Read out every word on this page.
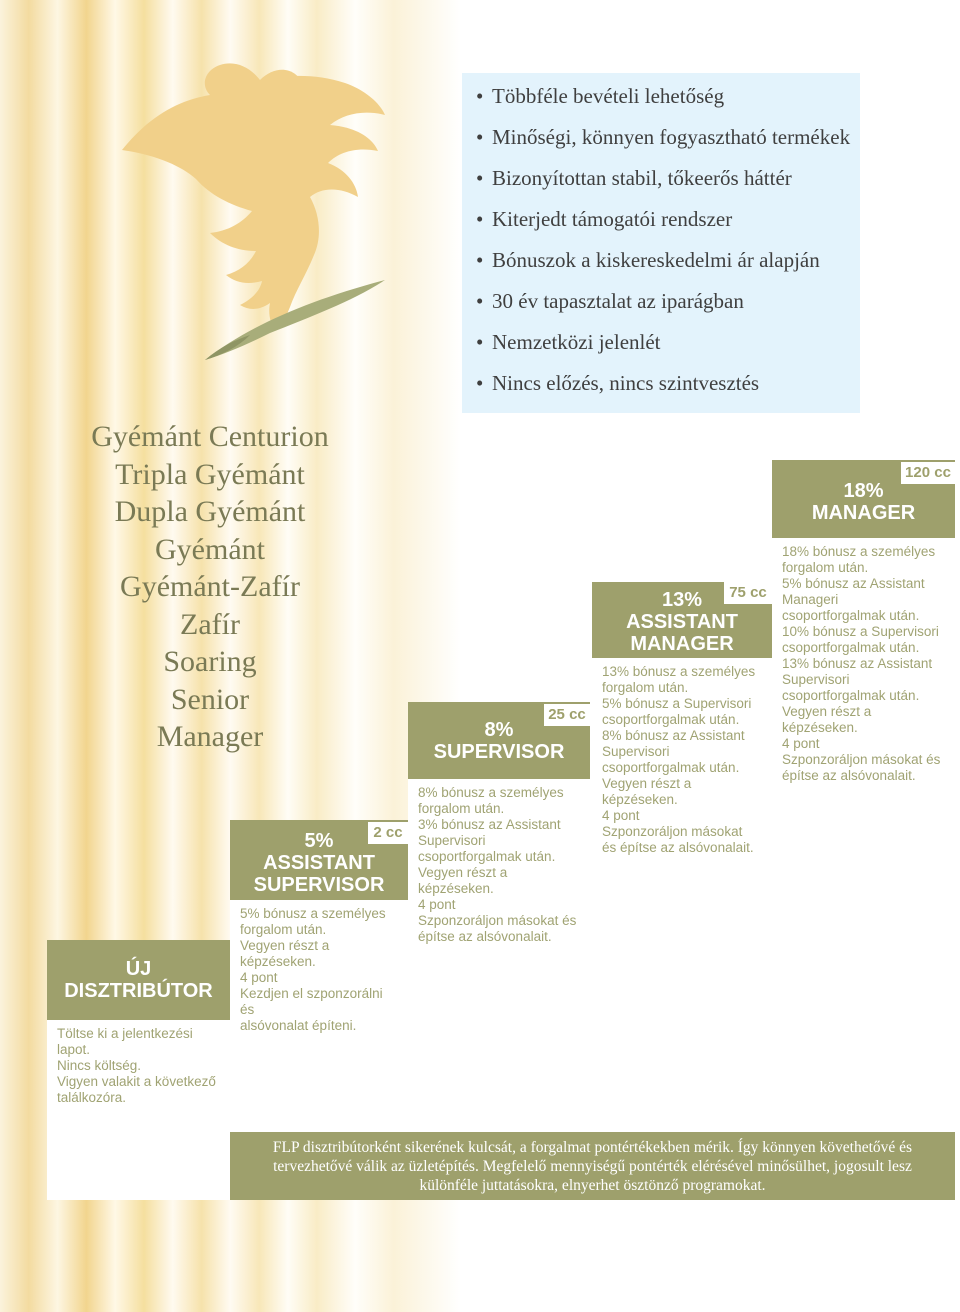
• Többféle bevételi lehetőség
• Minőségi, könnyen fogyasztható termékek
• Bizonyítottan stabil, tőkeerős háttér
• Kiterjedt támogatói rendszer
• Bónuszok a kiskereskedelmi ár alapján
• 30 év tapasztalat az iparágban
• Nemzetközi jelenlét
• Nincs előzés, nincs szintvesztés
Gyémánt Centurion
Tripla Gyémánt
Dupla Gyémánt
Gyémánt
Gyémánt-Zafír
Zafír
Soaring
Senior
Manager
ÚJ
DISZTRIBÚTOR
Töltse ki a jelentkezési
lapot.
Nincs költség.
Vigyen valakit a következő
találkozóra.
5%
ASSISTANT
SUPERVISOR
2 cc
5% bónusz a személyes
forgalom után.
Vegyen részt a
képzéseken.
4 pont
Kezdjen el szponzorálni és
alsóvonalat építeni.
8%
SUPERVISOR
25 cc
8% bónusz a személyes
forgalom után.
3% bónusz az Assistant
Supervisori
csoportforgalmak után.
Vegyen részt a
képzéseken.
4 pont
Szponzoráljon másokat és
építse az alsóvonalait.
13%
ASSISTANT
MANAGER
75 cc
13% bónusz a személyes
forgalom után.
5% bónusz a Supervisori
csoportforgalmak után.
8% bónusz az Assistant
Supervisori
csoportforgalmak után.
Vegyen részt a
képzéseken.
4 pont
Szponzoráljon másokat
és építse az alsóvonalait.
18%
MANAGER
120 cc
18% bónusz a személyes
forgalom után.
5% bónusz az Assistant
Manageri
csoportforgalmak után.
10% bónusz a Supervisori
csoportforgalmak után.
13% bónusz az Assistant
Supervisori
csoportforgalmak után.
Vegyen részt a
képzéseken.
4 pont
Szponzoráljon másokat és
építse az alsóvonalait.
FLP disztribútorként sikerének kulcsát, a forgalmat pontértékekben mérik. Így könnyen követhetővé és
tervezhetővé válik az üzletépítés. Megfelelő mennyiségű pontérték elérésével minősülhet, jogosult lesz
különféle juttatásokra, elnyerhet ösztönző programokat.
